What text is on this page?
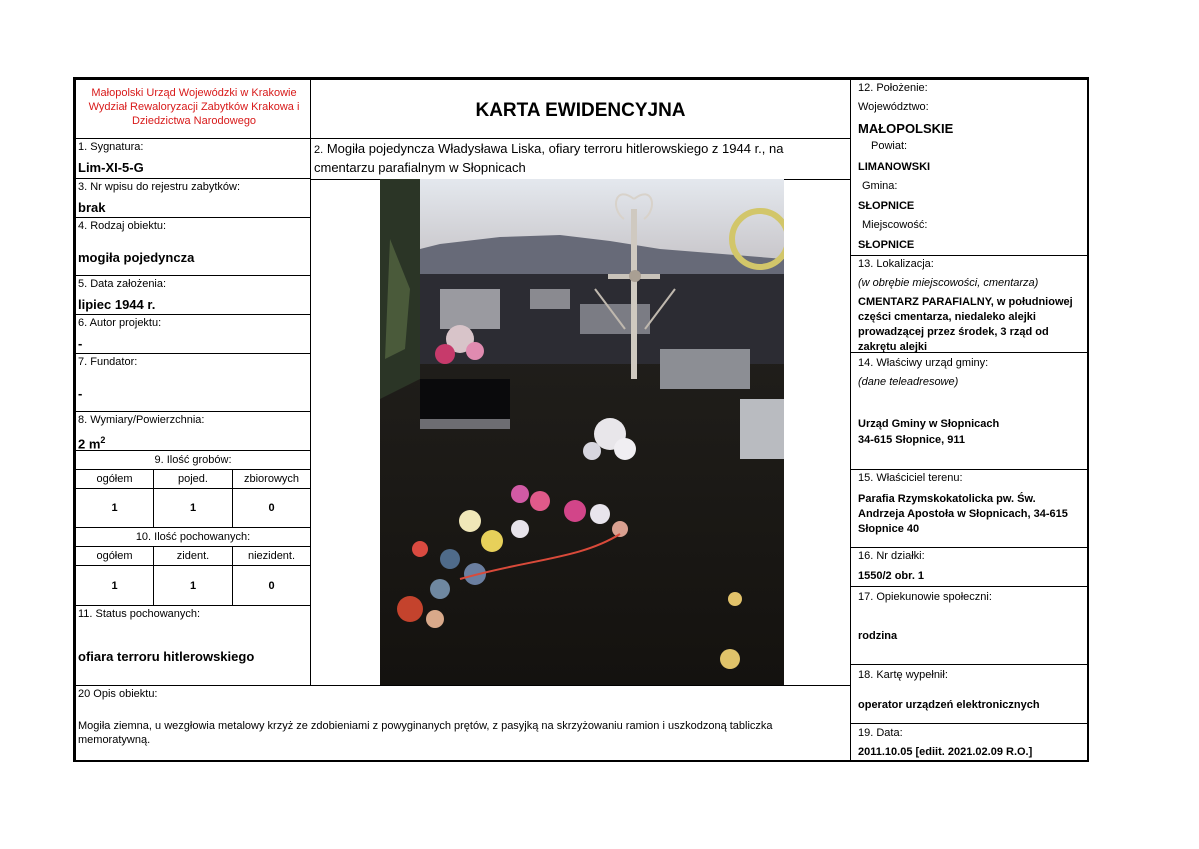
Małopolski Urząd Wojewódzki w Krakowie
Wydział Rewaloryzacji Zabytków Krakowa i Dziedzictwa Narodowego	KARTA EWIDENCYJNA
1. Sygnatura:
Lim-XI-5-G
2. Mogiła pojedyncza Władysława Liska, ofiary terroru hitlerowskiego z 1944 r., na cmentarzu parafialnym w Słopnicach
3. Nr wpisu do rejestru zabytków:
brak
4. Rodzaj obiektu:
mogiła pojedyncza
5. Data założenia:
lipiec 1944 r.
6. Autor projektu:
-
7. Fundator:
-
8. Wymiary/Powierzchnia:
2 $m^2$
9. Ilość grobów:
ogółem	pojed.	zbiorowych
1	1	0
10. Ilość pochowanych:
ogółem	zident.	niezident.
1	1	0
11. Status pochowanych:
ofiara terroru hitlerowskiego
20 Opis obiektu:
Mogiła ziemna, u wezgłowia metalowy krzyż ze zdobieniami z powyginanych prętów, z pasyjką na skrzyżowaniu ramion i uszkodzoną tabliczka memoratywną.
12. Położenie:
Województwo:
MAŁOPOLSKIE
Powiat:
LIMANOWSKI
Gmina:
SŁOPNICE
Miejscowość:
SŁOPNICE
13. Lokalizacja:
(w obrębie miejscowości, cmentarza)
CMENTARZ PARAFIALNY, w południowej części cmentarza, niedaleko alejki prowadzącej przez środek, 3 rząd od zakrętu alejki
14. Właściwy urząd gminy:
(dane teleadresowe)
Urząd Gminy w Słopnicach
34-615 Słopnice, 911
15. Właściciel terenu:
Parafia Rzymskokatolicka pw. Św. Andrzeja Apostoła w Słopnicach, 34-615 Słopnice 40
16. Nr działki:
1550/2 obr. 1
17. Opiekunowie społeczni:
rodzina
18. Kartę wypełnił:
operator urządzeń elektronicznych
19. Data:
2011.10.05 [ediit. 2021.02.09 R.O.]
